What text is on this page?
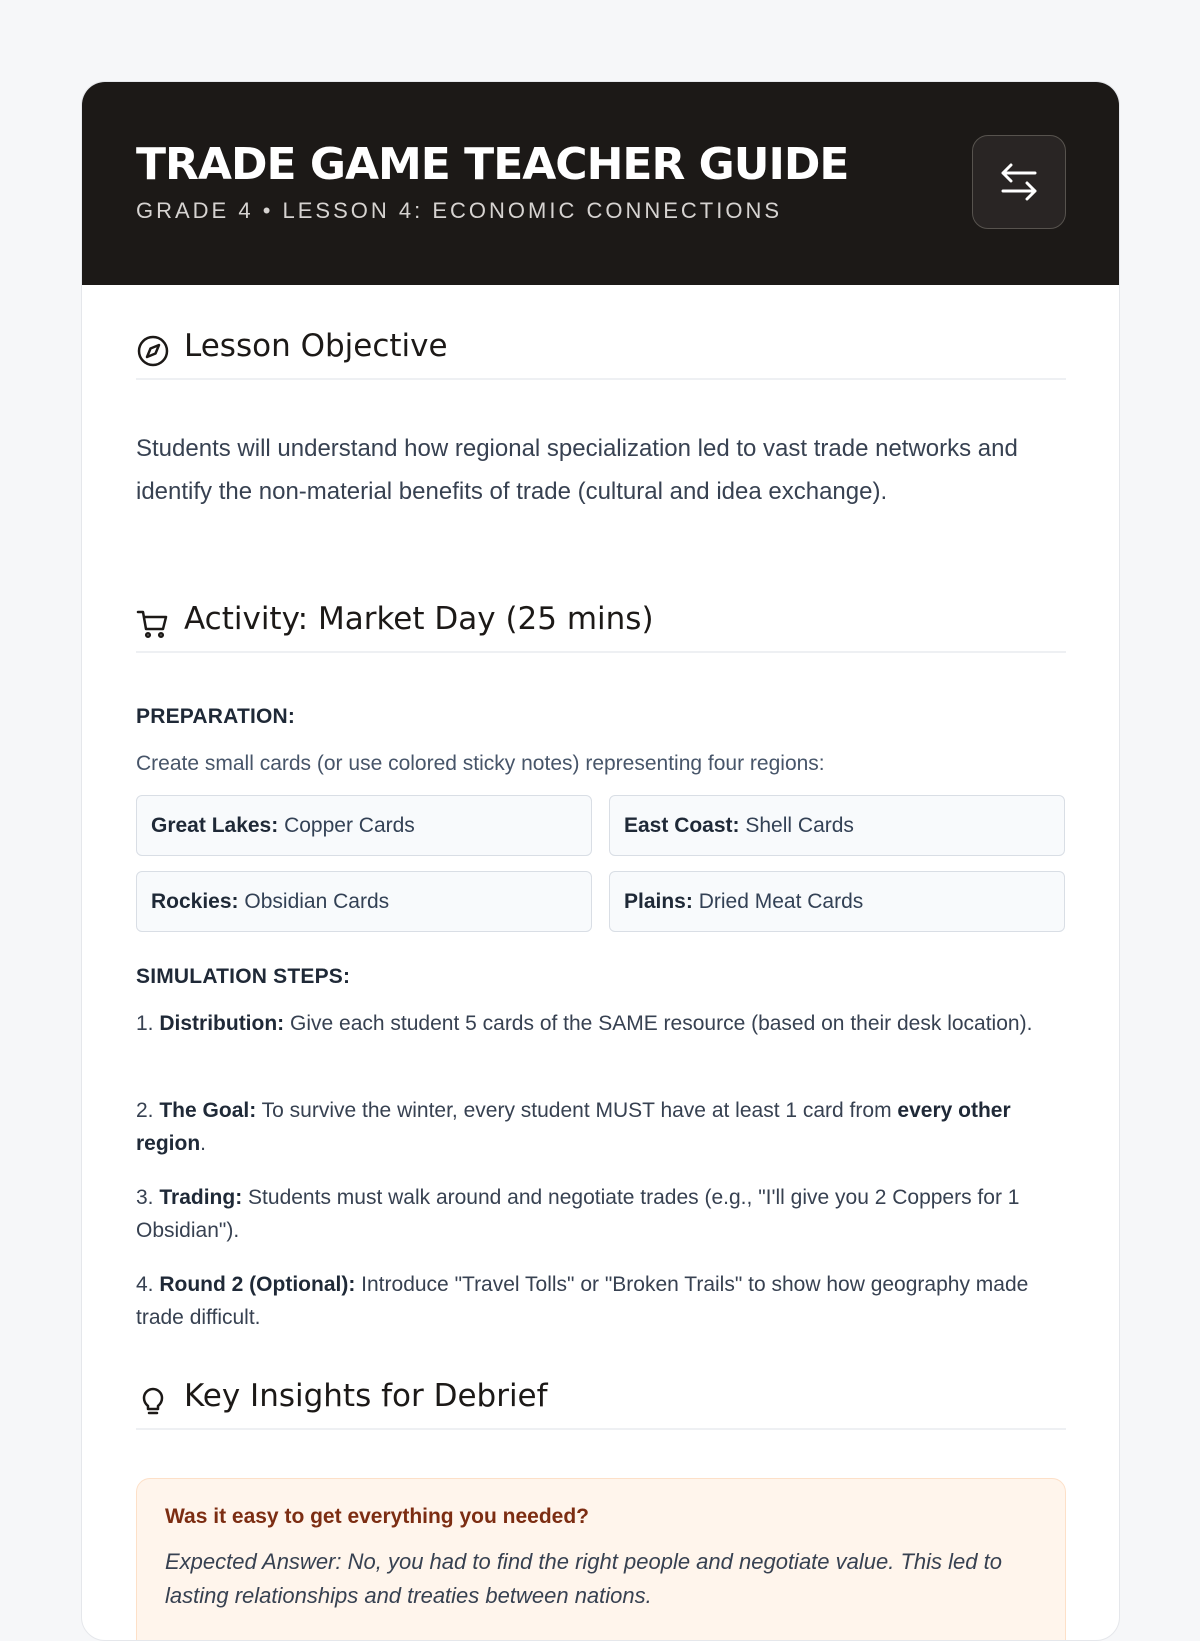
TRADE GAME TEACHER GUIDE
GRADE 4 • LESSON 4: ECONOMIC CONNECTIONS
Lesson Objective
Students will understand how regional specialization led to vast trade networks and identify the non-material benefits of trade (cultural and idea exchange).
Activity: Market Day (25 mins)
PREPARATION:
Create small cards (or use colored sticky notes) representing four regions:
Great Lakes: Copper Cards	East Coast: Shell Cards
Rockies: Obsidian Cards	Plains: Dried Meat Cards
SIMULATION STEPS:
1. Distribution: Give each student 5 cards of the SAME resource (based on their desk location).
2. The Goal: To survive the winter, every student MUST have at least 1 card from every other region.
3. Trading: Students must walk around and negotiate trades (e.g., "I'll give you 2 Coppers for 1 Obsidian").
4. Round 2 (Optional): Introduce "Travel Tolls" or "Broken Trails" to show how geography made trade difficult.
Key Insights for Debrief
Was it easy to get everything you needed?
Expected Answer: No, you had to find the right people and negotiate value. This led to lasting relationships and treaties between nations.
